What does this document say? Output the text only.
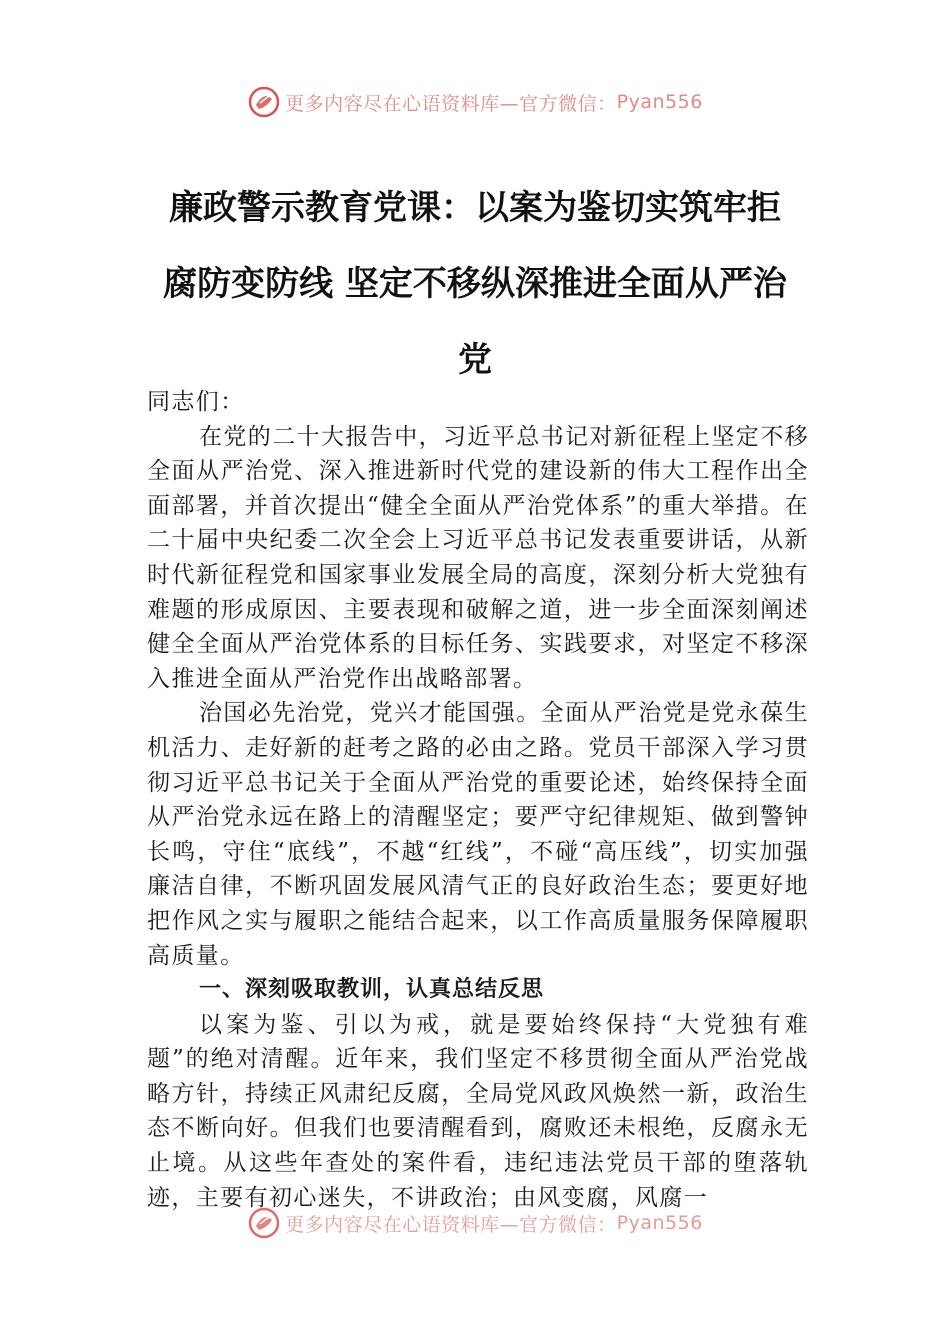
更多内容尽在心语资料库—官方微信： Pyan556
廉政警示教育党课：以案为鉴切实筑牢拒
腐防变防线 坚定不移纵深推进全面从严治
党

同志们：

在党的二十大报告中，习近平总书记对新征程上坚定不移全面从严治党、深入推进新时代党的建设新的伟大工程作出全面部署，并首次提出“健全全面从严治党体系”的重大举措。在二十届中央纪委二次全会上习近平总书记发表重要讲话，从新时代新征程党和国家事业发展全局的高度，深刻分析大党独有难题的形成原因、主要表现和破解之道，进一步全面深刻阐述健全全面从严治党体系的目标任务、实践要求，对坚定不移深入推进全面从严治党作出战略部署。

治国必先治党，党兴才能国强。全面从严治党是党永葆生机活力、走好新的赶考之路的必由之路。党员干部深入学习贯彻习近平总书记关于全面从严治党的重要论述，始终保持全面从严治党永远在路上的清醒坚定；要严守纪律规矩、做到警钟长鸣，守住“底线”，不越“红线”，不碰“高压线”，切实加强廉洁自律，不断巩固发展风清气正的良好政治生态；要更好地把作风之实与履职之能结合起来，以工作高质量服务保障履职高质量。

一、深刻吸取教训，认真总结反思

以案为鉴、引以为戒，就是要始终保持“大党独有难题”的绝对清醒。近年来，我们坚定不移贯彻全面从严治党战略方针，持续正风肃纪反腐，全局党风政风焕然一新，政治生态不断向好。但我们也要清醒看到，腐败还未根绝，反腐永无止境。从这些年查处的案件看，违纪违法党员干部的堕落轨迹，主要有初心迷失，不讲政治；由风变腐，风腐一

更多内容尽在心语资料库—官方微信： Pyan556
